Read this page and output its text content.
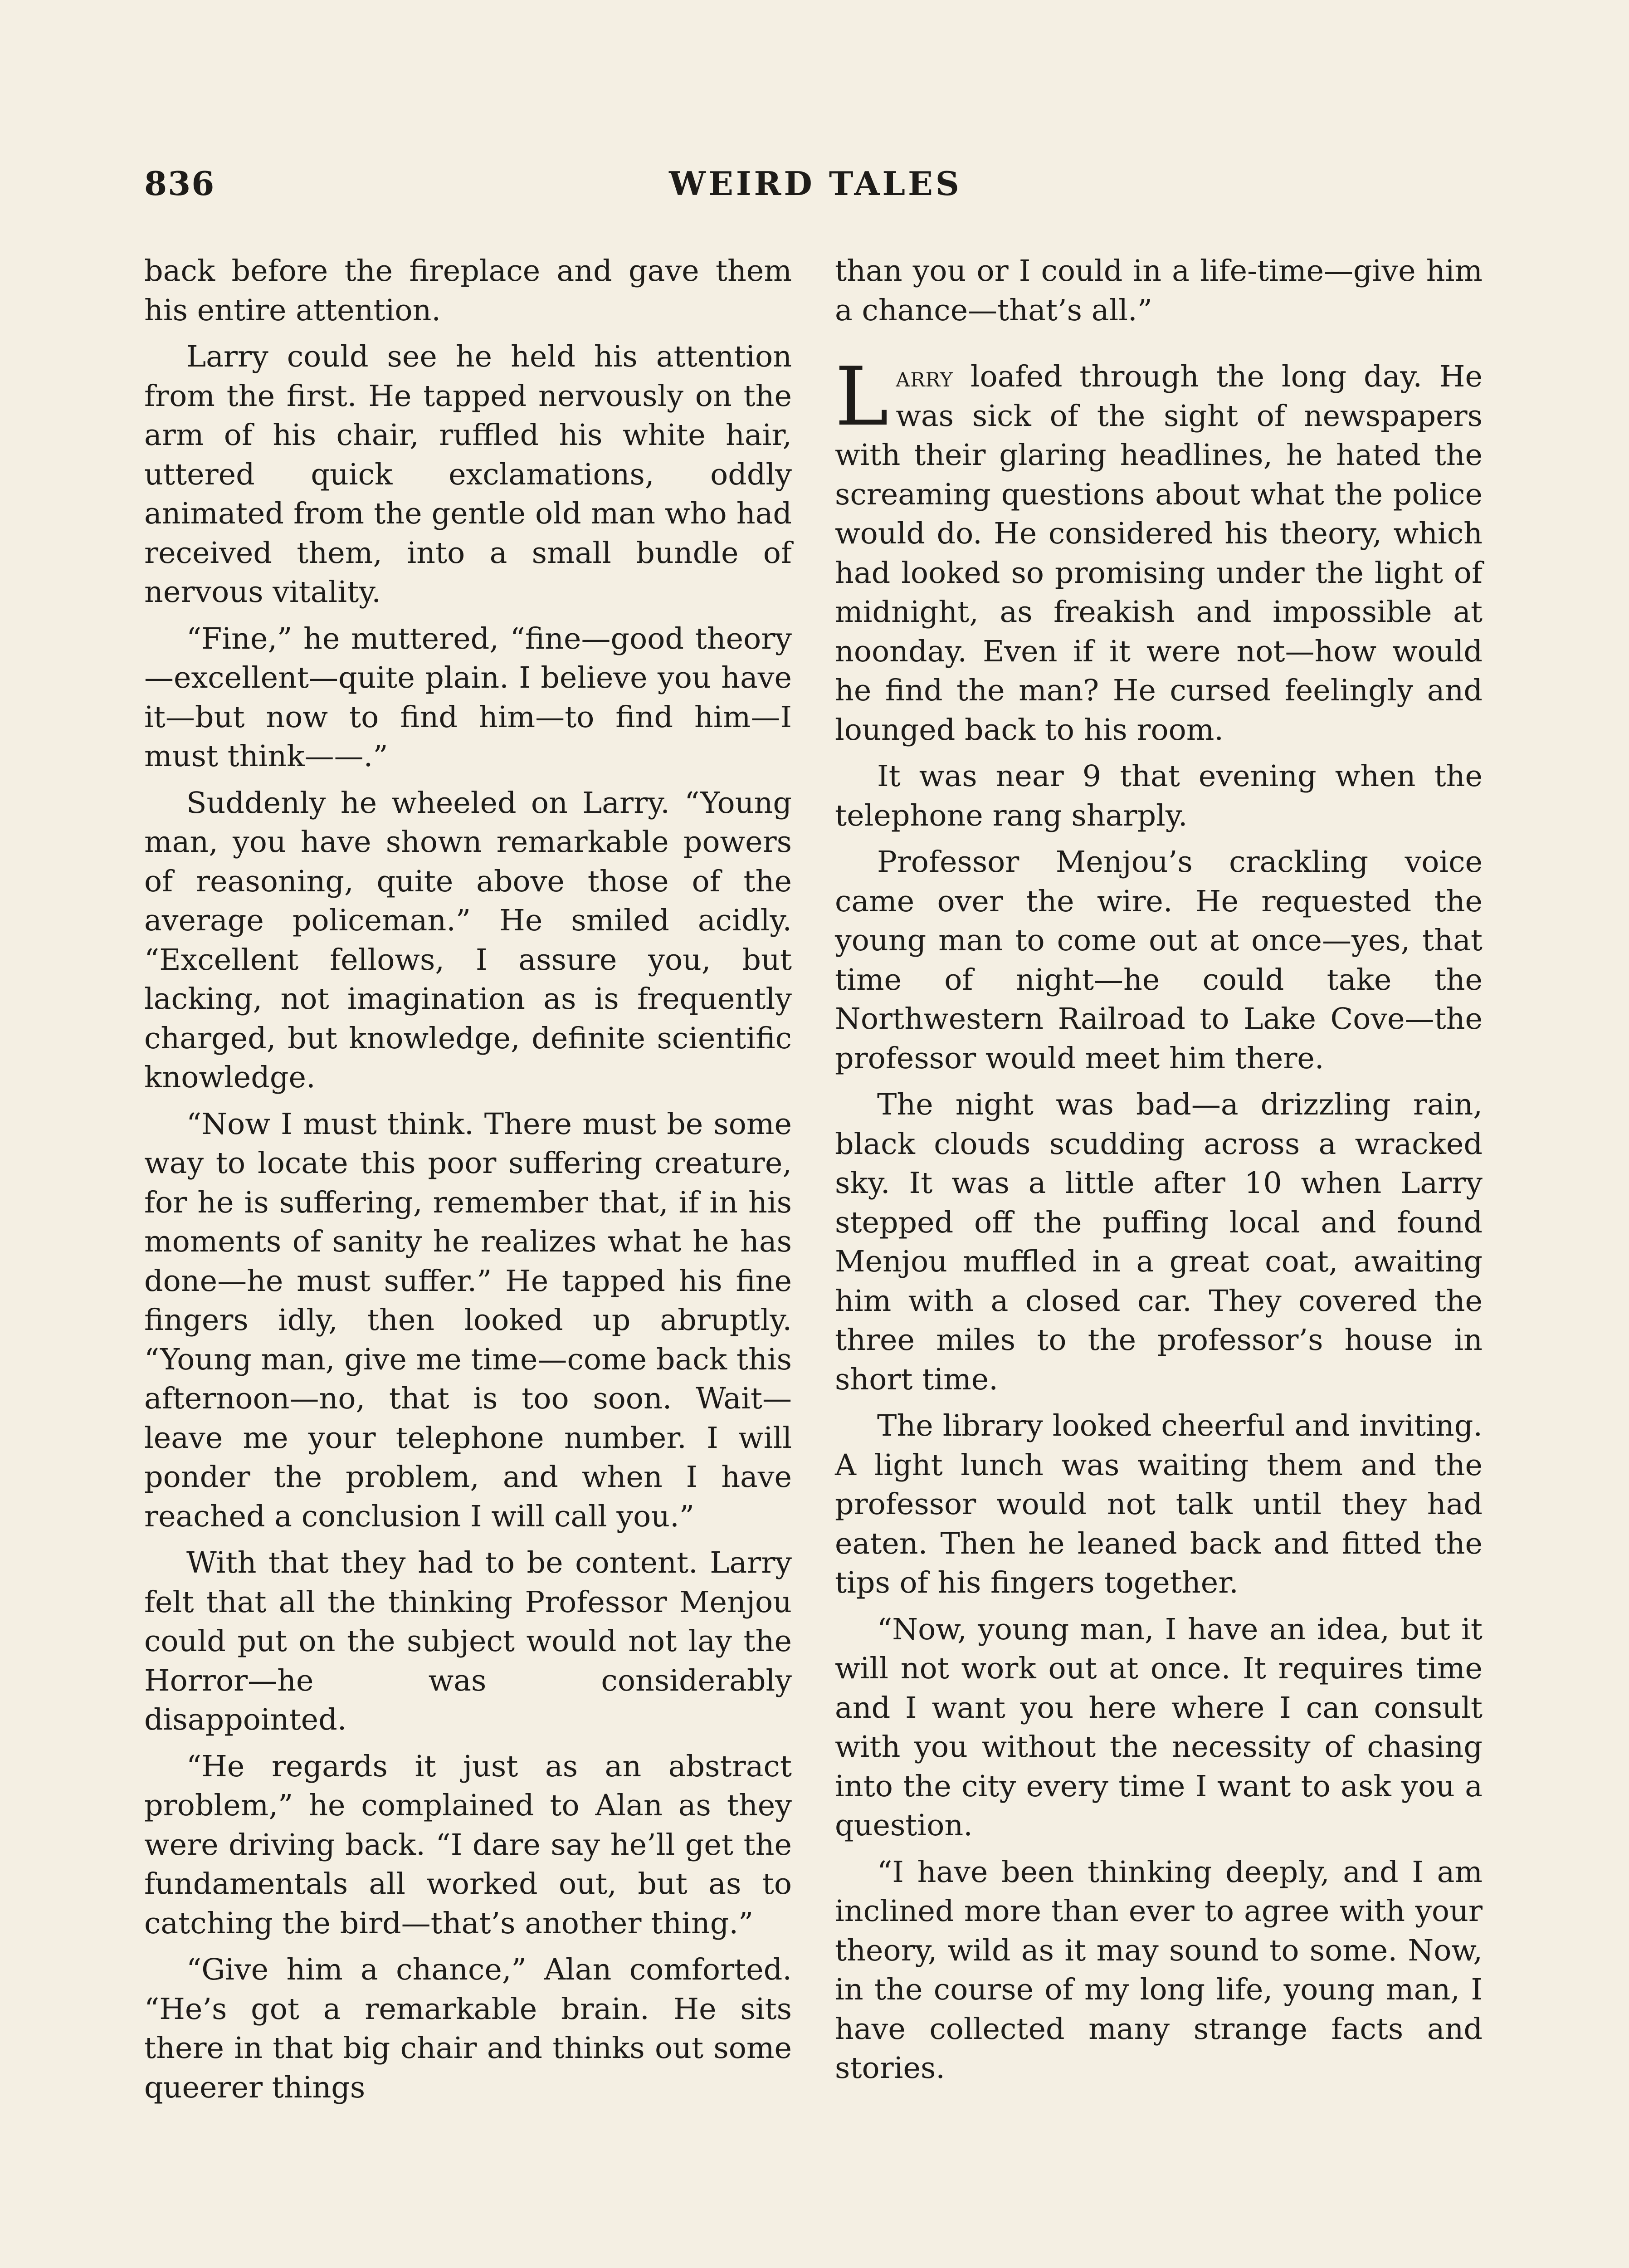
836	WEIRD TALES

back before the fireplace and gave them his entire attention.

Larry could see he held his attention from the first. He tapped nervously on the arm of his chair, ruffled his white hair, uttered quick exclamations, oddly animated from the gentle old man who had received them, into a small bundle of nervous vitality.

“Fine,” he muttered, “fine—good theory—excellent—quite plain. I believe you have it—but now to find him—to find him—I must think——.”

Suddenly he wheeled on Larry. “Young man, you have shown remarkable powers of reasoning, quite above those of the average policeman.” He smiled acidly. “Excellent fellows, I assure you, but lacking, not imagination as is frequently charged, but knowledge, definite scientific knowledge.

“Now I must think. There must be some way to locate this poor suffering creature, for he is suffering, remember that, if in his moments of sanity he realizes what he has done—he must suffer.” He tapped his fine fingers idly, then looked up abruptly. “Young man, give me time—come back this afternoon—no, that is too soon. Wait—leave me your telephone number. I will ponder the problem, and when I have reached a conclusion I will call you.”

With that they had to be content. Larry felt that all the thinking Professor Menjou could put on the subject would not lay the Horror—he was considerably disappointed.

“He regards it just as an abstract problem,” he complained to Alan as they were driving back. “I dare say he’ll get the fundamentals all worked out, but as to catching the bird—that’s another thing.”

“Give him a chance,” Alan comforted. “He’s got a remarkable brain. He sits there in that big chair and thinks out some queerer things

than you or I could in a life-time—give him a chance—that’s all.”

Larry loafed through the long day. He was sick of the sight of newspapers with their glaring headlines, he hated the screaming questions about what the police would do. He considered his theory, which had looked so promising under the light of midnight, as freakish and impossible at noonday. Even if it were not—how would he find the man? He cursed feelingly and lounged back to his room.

It was near 9 that evening when the telephone rang sharply.

Professor Menjou’s crackling voice came over the wire. He requested the young man to come out at once—yes, that time of night—he could take the Northwestern Railroad to Lake Cove—the professor would meet him there.

The night was bad—a drizzling rain, black clouds scudding across a wracked sky. It was a little after 10 when Larry stepped off the puffing local and found Menjou muffled in a great coat, awaiting him with a closed car. They covered the three miles to the professor’s house in short time.

The library looked cheerful and inviting. A light lunch was waiting them and the professor would not talk until they had eaten. Then he leaned back and fitted the tips of his fingers together.

“Now, young man, I have an idea, but it will not work out at once. It requires time and I want you here where I can consult with you without the necessity of chasing into the city every time I want to ask you a question.

“I have been thinking deeply, and I am inclined more than ever to agree with your theory, wild as it may sound to some. Now, in the course of my long life, young man, I have collected many strange facts and stories.
